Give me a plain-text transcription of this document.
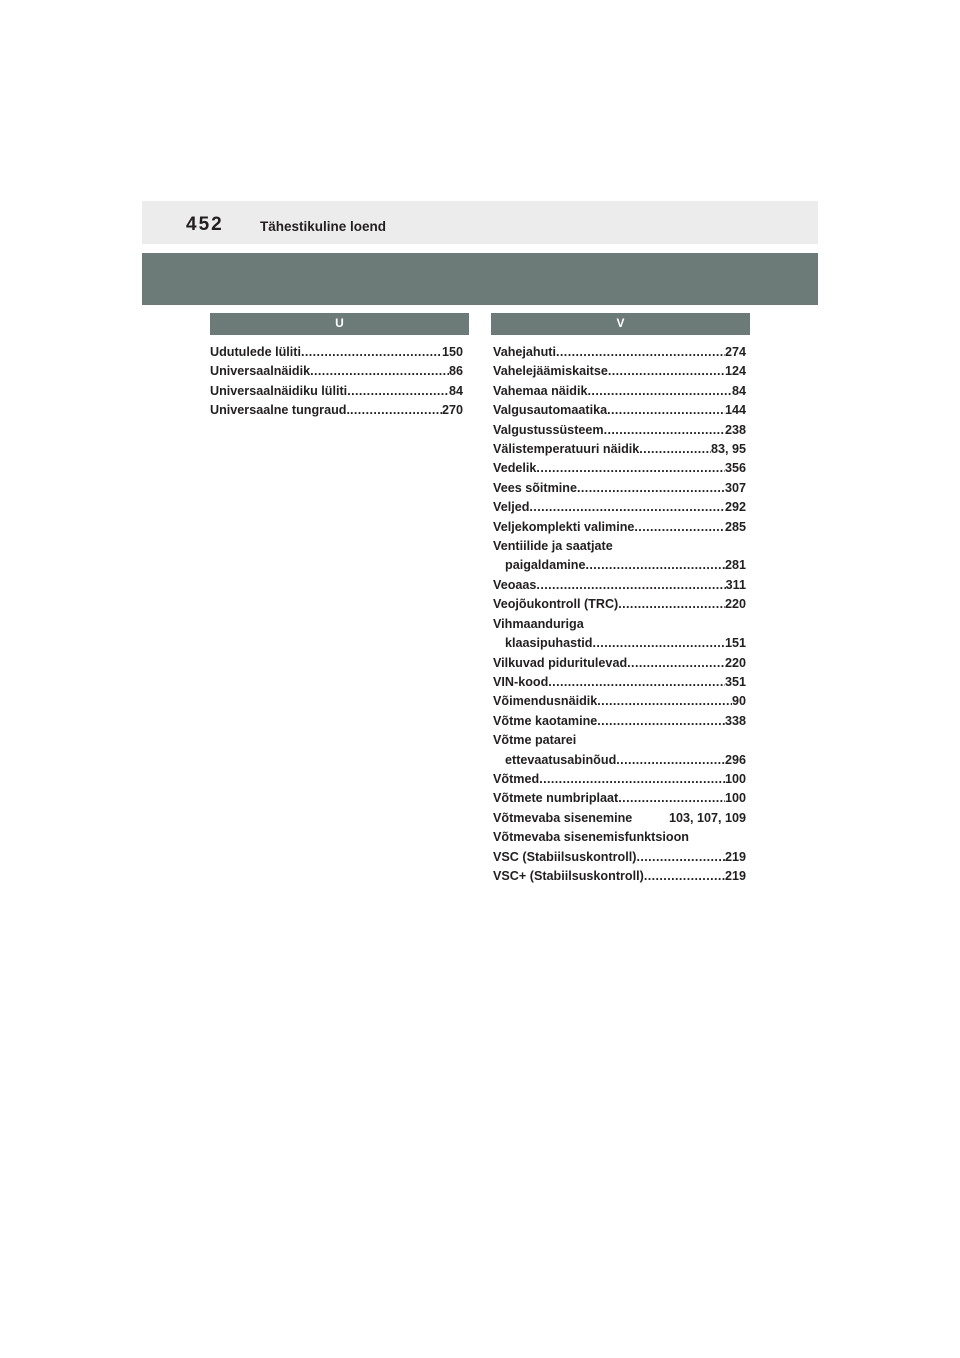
452	Tähestikuline loend
U	V
Udutulede lüliti .....	150
Universaalnäidik .....	86
Universaalnäidiku lüliti .....	84
Universaalne tungraud. .....	270
Vahejahuti .....	274
Vahelejäämiskaitse .....	124
Vahemaa näidik .....	84
Valgusautomaatika .....	144
Valgustussüsteem .....	238
Välistemperatuuri näidik .....	83, 95
Vedelik .....	356
Vees sõitmine .....	307
Veljed .....	292
Veljekomplekti valimine .....	285
Ventiilide ja saatjate
paigaldamine .....	281
Veoaas .....	311
Veojõukontroll (TRC) .....	220
Vihmaanduriga
klaasipuhastid .....	151
Vilkuvad piduritulevad .....	220
VIN-kood .....	351
Võimendusnäidik .....	90
Võtme kaotamine .....	338
Võtme patarei
ettevaatusabinõud .....	296
Võtmed .....	100
Võtmete numbriplaat .....	100
Võtmevaba sisenemine	103, 107, 109
Võtmevaba sisenemisfunktsioon
VSC (Stabiilsuskontroll) .....	219
VSC+ (Stabiilsuskontroll) .....	219
